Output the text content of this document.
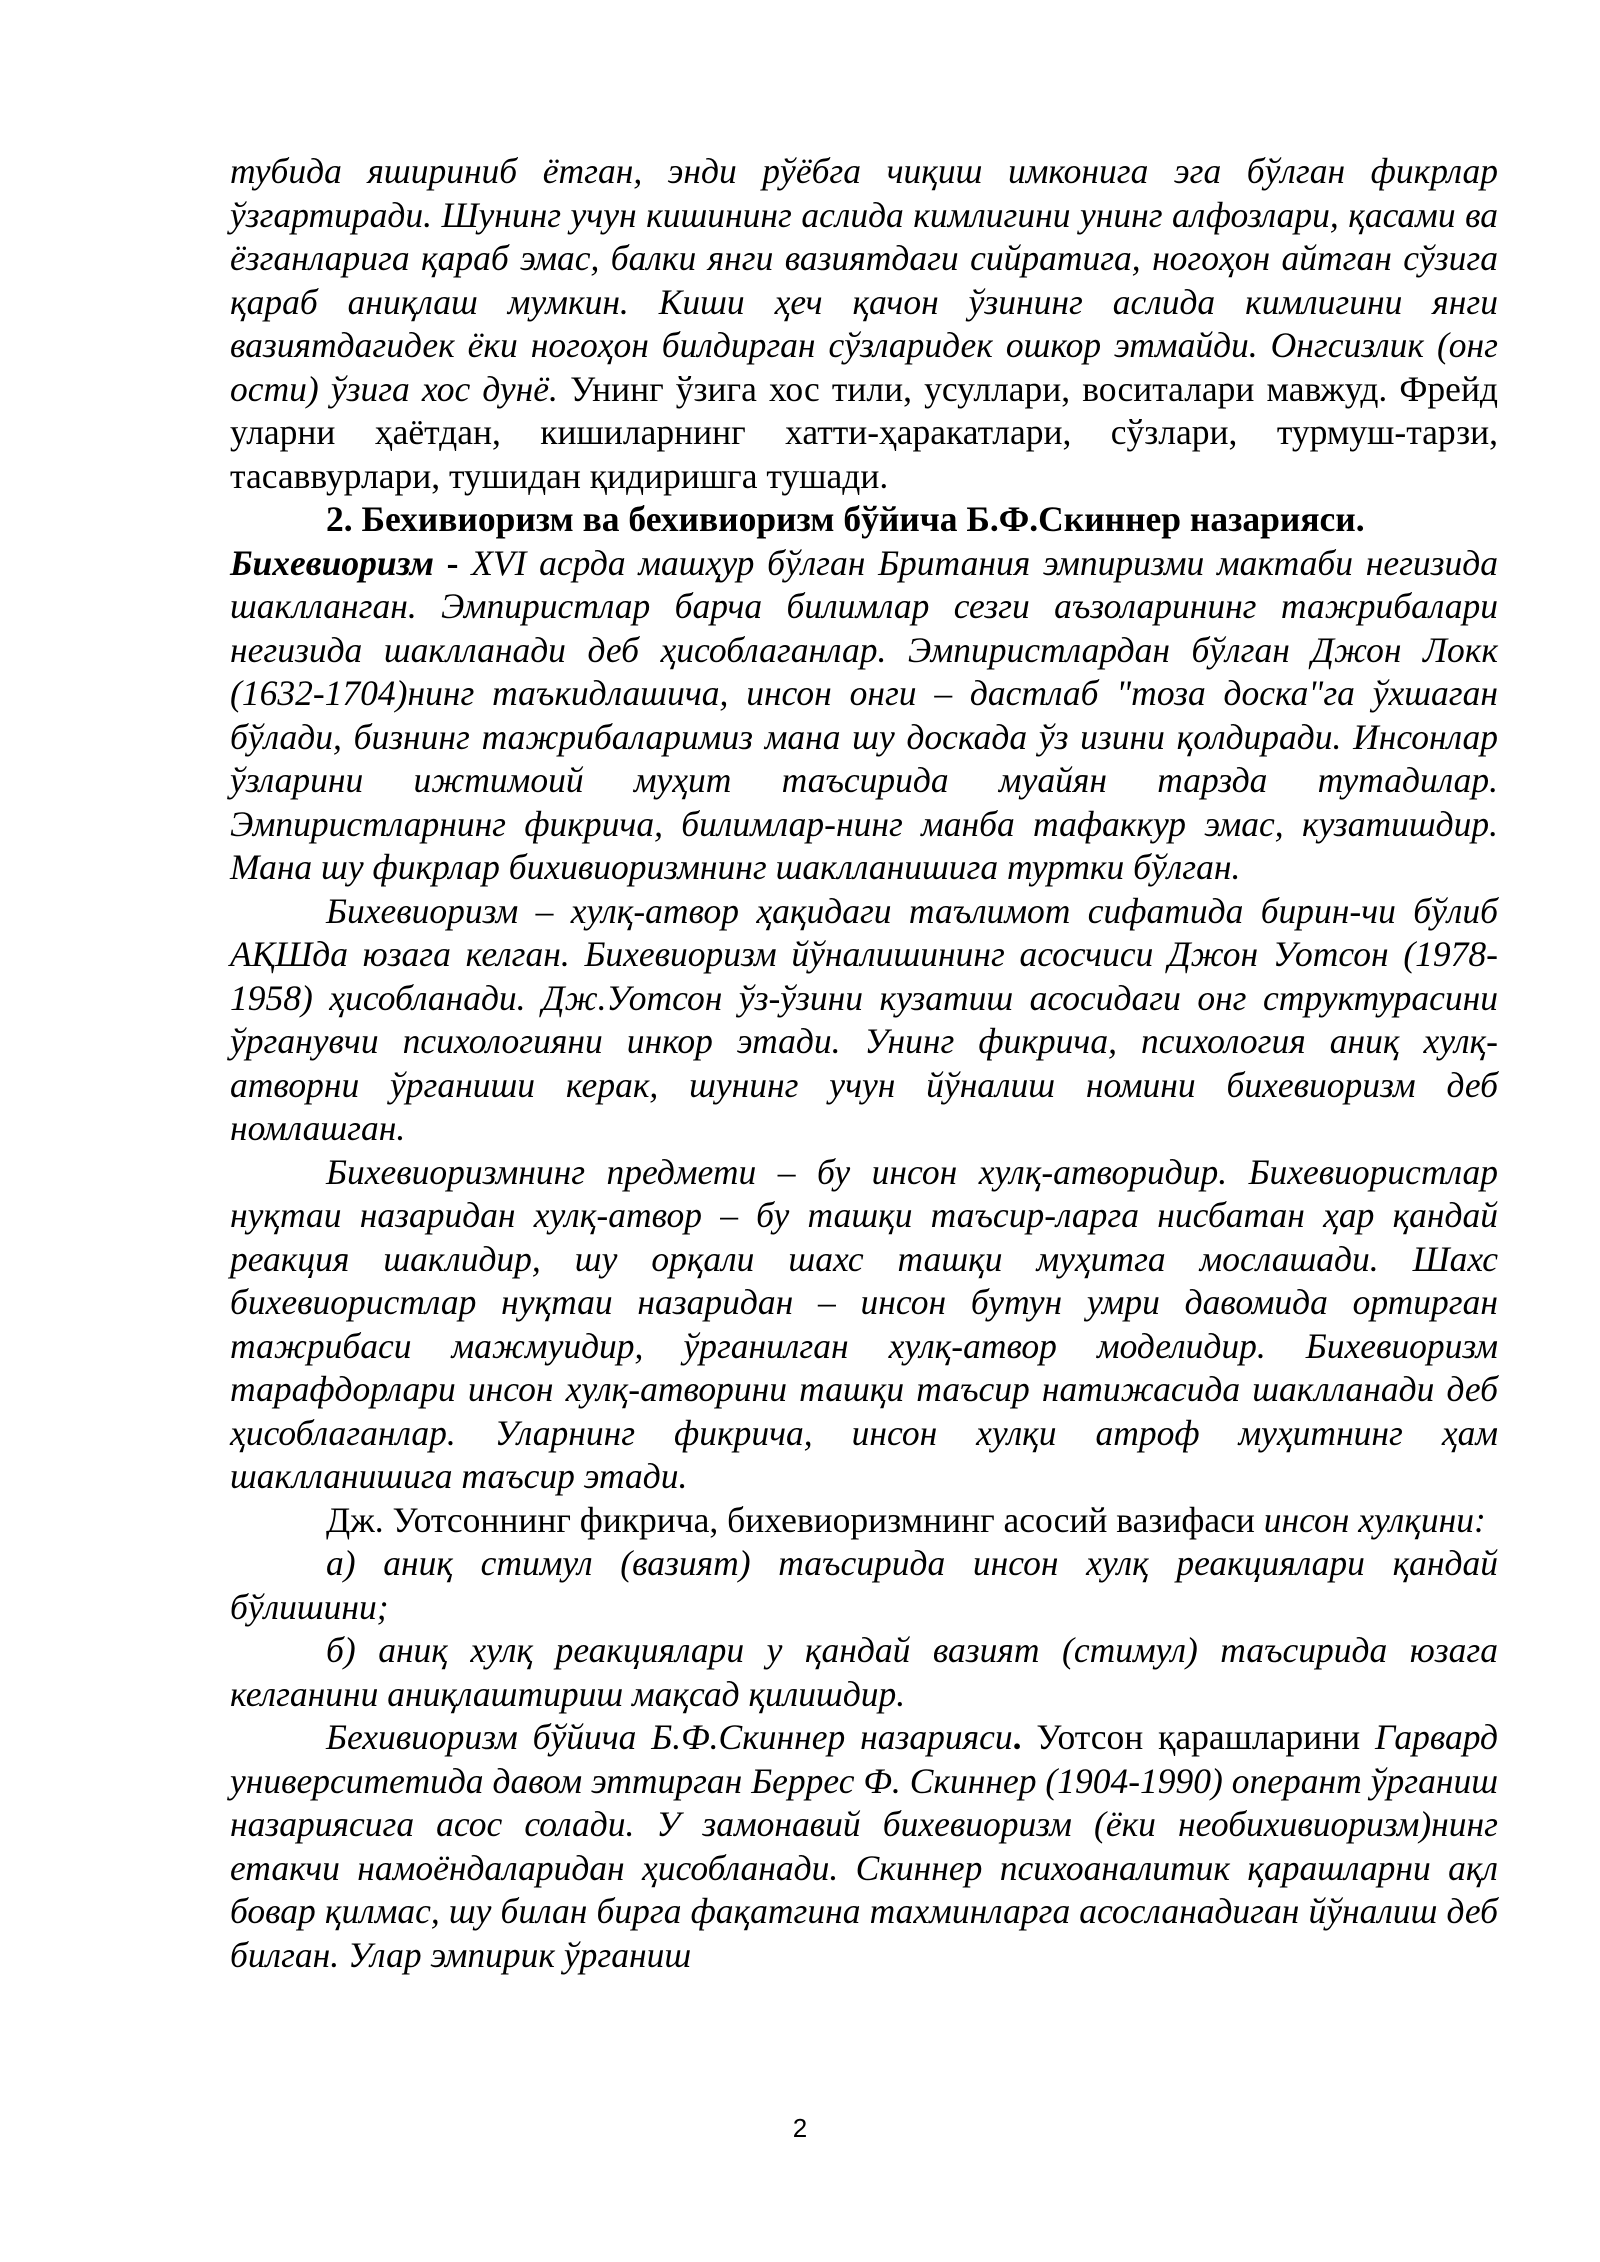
тубида яшириниб ётган, энди рўёбга чиқиш имконига эга бўлган фикрлар ўзгартиради. Шунинг учун кишининг аслида кимлигини унинг алфозлари, қасами ва ёзганларига қараб эмас, балки янги вазиятдаги сийратига, ногоҳон айтган сўзига қараб аниқлаш мумкин. Киши ҳеч қачон ўзининг аслида кимлигини янги вазиятдагидек ёки ногоҳон билдирган сўзларидек ошкор этмайди. Онгсизлик (онг ости) ўзига хос дунё. Унинг ўзига хос тили, усуллари, воситалари мавжуд. Фрейд уларни ҳаётдан, кишиларнинг хатти-ҳаракатлари, сўзлари, турмуш-тарзи, тасаввурлари, тушидан қидиришга тушади.

2. Бехивиоризм ва бехивиоризм бўйича Б.Ф.Скиннер назарияси.

Бихевиоризм - XVI асрда машҳур бўлган Британия эмпиризми мактаби негизида шаклланган. Эмпиристлар барча билимлар сезги аъзоларининг тажрибалари негизида шаклланади деб ҳисоблаганлар. Эмпиристлардан бўлган Джон Локк (1632-1704)нинг таъкидлашича, инсон онги – дастлаб "тоза доска"га ўхшаган бўлади, бизнинг тажрибаларимиз мана шу доскада ўз изини қолдиради. Инсонлар ўзларини ижтимоий муҳит таъсирида муайян тарзда тутадилар. Эмпиристларнинг фикрича, билимлар-нинг манба тафаккур эмас, кузатишдир. Мана шу фикрлар бихивиоризмнинг шаклланишига туртки бўлган.

Бихевиоризм – хулқ-атвор ҳақидаги таълимот сифатида бирин-чи бўлиб АҚШда юзага келган. Бихевиоризм йўналишининг асосчиси Джон Уотсон (1978-1958) ҳисобланади. Дж.Уотсон ўз-ўзини кузатиш асосидаги онг структурасини ўрганувчи психологияни инкор этади. Унинг фикрича, психология аниқ хулқ-атворни ўрганиши керак, шунинг учун йўналиш номини бихевиоризм деб номлашган.

Бихевиоризмнинг предмети – бу инсон хулқ-атворидир. Бихевиористлар нуқтаи назаридан хулқ-атвор – бу ташқи таъсир-ларга нисбатан ҳар қандай реакция шаклидир, шу орқали шахс ташқи муҳитга мослашади. Шахс бихевиористлар нуқтаи назаридан – инсон бутун умри давомида ортирган тажрибаси мажмуидир, ўрганилган хулқ-атвор моделидир. Бихевиоризм тарафдорлари инсон хулқ-атворини ташқи таъсир натижасида шаклланади деб ҳисоблаганлар. Уларнинг фикрича, инсон хулқи атроф муҳитнинг ҳам шаклланишига таъсир этади.

Дж. Уотсоннинг фикрича, бихевиоризмнинг асосий вазифаси инсон хулқини:

а) аниқ стимул (вазият) таъсирида инсон хулқ реакциялари қандай бўлишини;

б) аниқ хулқ реакциялари у қандай вазият (стимул) таъсирида юзага келганини аниқлаштириш мақсад қилишдир.

Бехивиоризм бўйича Б.Ф.Скиннер назарияси. Уотсон қарашларини Гарвард университетида давом эттирган Беррес Ф. Скиннер (1904-1990) оперант ўрганиш назариясига асос солади. У замонавий бихевиоризм (ёки необихивиоризм)нинг етакчи намоёндаларидан ҳисобланади. Скиннер психоаналитик қарашларни ақл бовар қилмас, шу билан бирга фақатгина тахминларга асосланадиган йўналиш деб билган. Улар эмпирик ўрганиш

2
